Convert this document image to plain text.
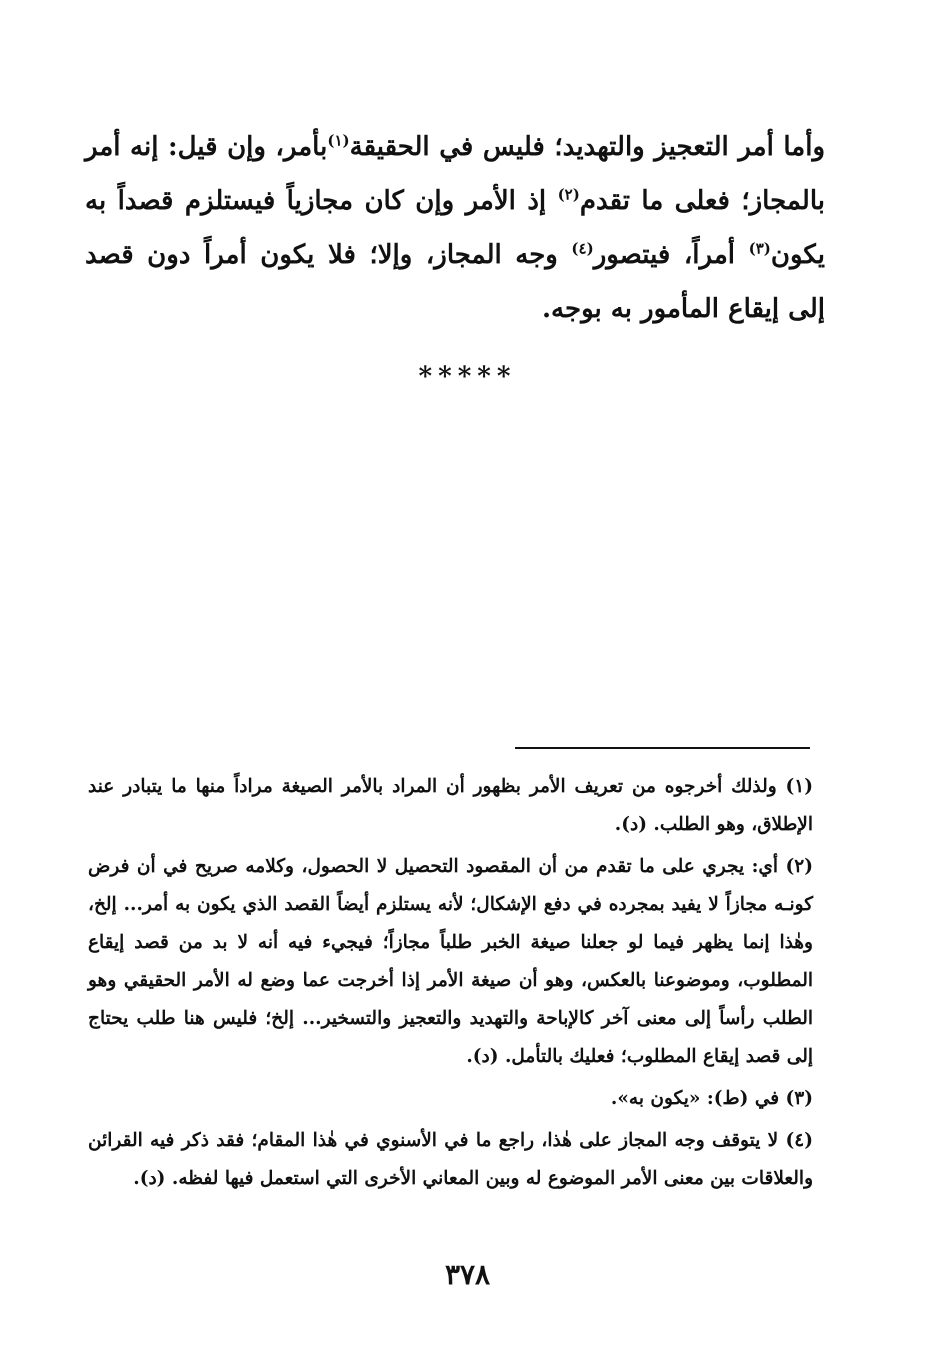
وأما أمر التعجيز والتهديد؛ فليس في الحقيقة$^{(١)}$بأمر، وإن قيل: إنه أمر بالمجاز؛ فعلى ما تقدم$^{(٢)}$ إذ الأمر وإن كان مجازياً فيستلزم قصداً به يكون$^{(٣)}$ أمراً، فيتصور$^{(٤)}$ وجه المجاز، وإلا؛ فلا يكون أمراً دون قصد إلى إيقاع المأمور به بوجه.

*****

(١) ولذلك أخرجوه من تعريف الأمر بظهور أن المراد بالأمر الصيغة مراداً منها ما يتبادر عند الإطلاق، وهو الطلب. (د).

(٢) أي: يجري على ما تقدم من أن المقصود التحصيل لا الحصول، وكلامه صريح في أن فرض كونـه مجازاً لا يفيد بمجرده في دفع الإشكال؛ لأنه يستلزم أيضاً القصد الذي يكون به أمر... إلخ، وهٰذا إنما يظهر فيما لو جعلنا صيغة الخبر طلباً مجازاً؛ فيجيء فيه أنه لا بد من قصد إيقاع المطلوب، وموضوعنا بالعكس، وهو أن صيغة الأمر إذا أخرجت عما وضع له الأمر الحقيقي وهو الطلب رأساً إلى معنى آخر كالإباحة والتهديد والتعجيز والتسخير... إلخ؛ فليس هنا طلب يحتاج إلى قصد إيقاع المطلوب؛ فعليك بالتأمل. (د).

(٣) في (ط): «يكون به».

(٤) لا يتوقف وجه المجاز على هٰذا، راجع ما في الأسنوي في هٰذا المقام؛ فقد ذكر فيه القرائن والعلاقات بين معنى الأمر الموضوع له وبين المعاني الأخرى التي استعمل فيها لفظه. (د).

٣٧٨
